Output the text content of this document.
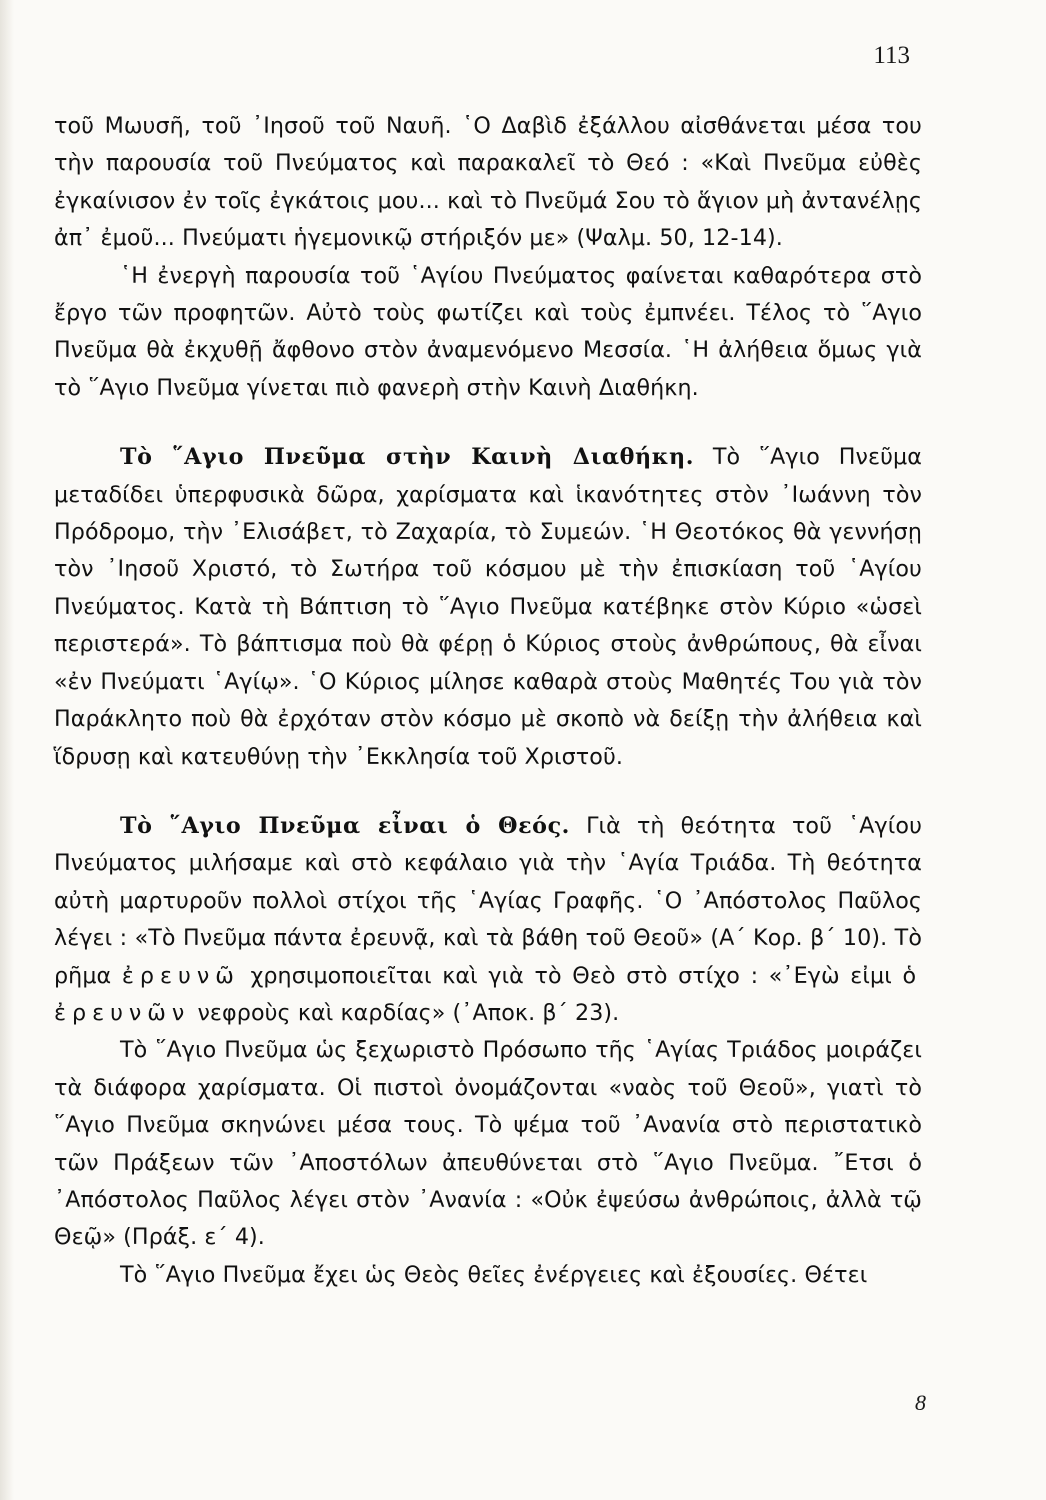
113

τοῦ Μωυσῆ, τοῦ ᾿Ιησοῦ τοῦ Ναυῆ. ῾Ο Δαβὶδ ἐξάλλου αἰσθάνεται μέσα του τὴν παρουσία τοῦ Πνεύματος καὶ παρακαλεῖ τὸ Θεό : «Καὶ Πνεῦμα εὐθὲς ἐγκαίνισον ἐν τοῖς ἐγκάτοις μου... καὶ τὸ Πνεῦμά Σου τὸ ἅγιον μὴ ἀντανέλῃς ἀπ᾿ ἐμοῦ... Πνεύματι ἡγεμονικῷ στήριξόν με» (Ψαλμ. 50, 12-14).

῾Η ἐνεργὴ παρουσία τοῦ ῾Αγίου Πνεύματος φαίνεται καθαρότερα στὸ ἔργο τῶν προφητῶν. Αὐτὸ τοὺς φωτίζει καὶ τοὺς ἐμπνέει. Τέλος τὸ ῞Αγιο Πνεῦμα θὰ ἐκχυθῇ ἄφθονο στὸν ἀναμενόμενο Μεσσία. ῾Η ἀλήθεια ὅμως γιὰ τὸ ῞Αγιο Πνεῦμα γίνεται πιὸ φανερὴ στὴν Καινὴ Διαθήκη.

Τὸ ῞Αγιο Πνεῦμα στὴν Καινὴ Διαθήκη. Τὸ ῞Αγιο Πνεῦμα μεταδίδει ὑπερφυσικὰ δῶρα, χαρίσματα καὶ ἱκανότητες στὸν ᾿Ιωάννη τὸν Πρόδρομο, τὴν ᾿Ελισάβετ, τὸ Ζαχαρία, τὸ Συμεών. ῾Η Θεοτόκος θὰ γεννήσῃ τὸν ᾿Ιησοῦ Χριστό, τὸ Σωτήρα τοῦ κόσμου μὲ τὴν ἐπισκίαση τοῦ ῾Αγίου Πνεύματος. Κατὰ τὴ Βάπτιση τὸ ῞Αγιο Πνεῦμα κατέβηκε στὸν Κύριο «ὡσεὶ περιστερά». Τὸ βάπτισμα ποὺ θὰ φέρῃ ὁ Κύριος στοὺς ἀνθρώπους, θὰ εἶναι «ἐν Πνεύματι ῾Αγίῳ». ῾Ο Κύριος μίλησε καθαρὰ στοὺς Μαθητές Του γιὰ τὸν Παράκλητο ποὺ θὰ ἐρχόταν στὸν κόσμο μὲ σκοπὸ νὰ δείξῃ τὴν ἀλήθεια καὶ ἵδρυσῃ καὶ κατευθύνῃ τὴν ᾿Εκκλησία τοῦ Χριστοῦ.

Τὸ ῞Αγιο Πνεῦμα εἶναι ὁ Θεός. Γιὰ τὴ θεότητα τοῦ ῾Αγίου Πνεύματος μιλήσαμε καὶ στὸ κεφάλαιο γιὰ τὴν ῾Αγία Τριάδα. Τὴ θεότητα αὐτὴ μαρτυροῦν πολλοὶ στίχοι τῆς ῾Αγίας Γραφῆς. ῾Ο ᾿Απόστολος Παῦλος λέγει : «Τὸ Πνεῦμα πάντα ἐρευνᾷ, καὶ τὰ βάθη τοῦ Θεοῦ» (Α΄ Κορ. β΄ 10). Τὸ ρῆμα ἐρευνῶ χρησιμοποιεῖται καὶ γιὰ τὸ Θεὸ στὸ στίχο : «᾿Εγὼ εἰμι ὁ ἐρευνῶν νεφροὺς καὶ καρδίας» (᾿Αποκ. β΄ 23).

Τὸ ῞Αγιο Πνεῦμα ὡς ξεχωριστὸ Πρόσωπο τῆς ῾Αγίας Τριάδος μοιράζει τὰ διάφορα χαρίσματα. Οἱ πιστοὶ ὀνομάζονται «ναὸς τοῦ Θεοῦ», γιατὶ τὸ ῞Αγιο Πνεῦμα σκηνώνει μέσα τους. Τὸ ψέμα τοῦ ᾿Ανανία στὸ περιστατικὸ τῶν Πράξεων τῶν ᾿Αποστόλων ἀπευθύνεται στὸ ῞Αγιο Πνεῦμα. ῎Ετσι ὁ ᾿Απόστολος Παῦλος λέγει στὸν ᾿Ανανία : «Οὐκ ἐψεύσω ἀνθρώποις, ἀλλὰ τῷ Θεῷ» (Πράξ. ε΄ 4).

Τὸ ῞Αγιο Πνεῦμα ἔχει ὡς Θεὸς θεῖες ἐνέργειες καὶ ἐξουσίες. Θέτει

8
